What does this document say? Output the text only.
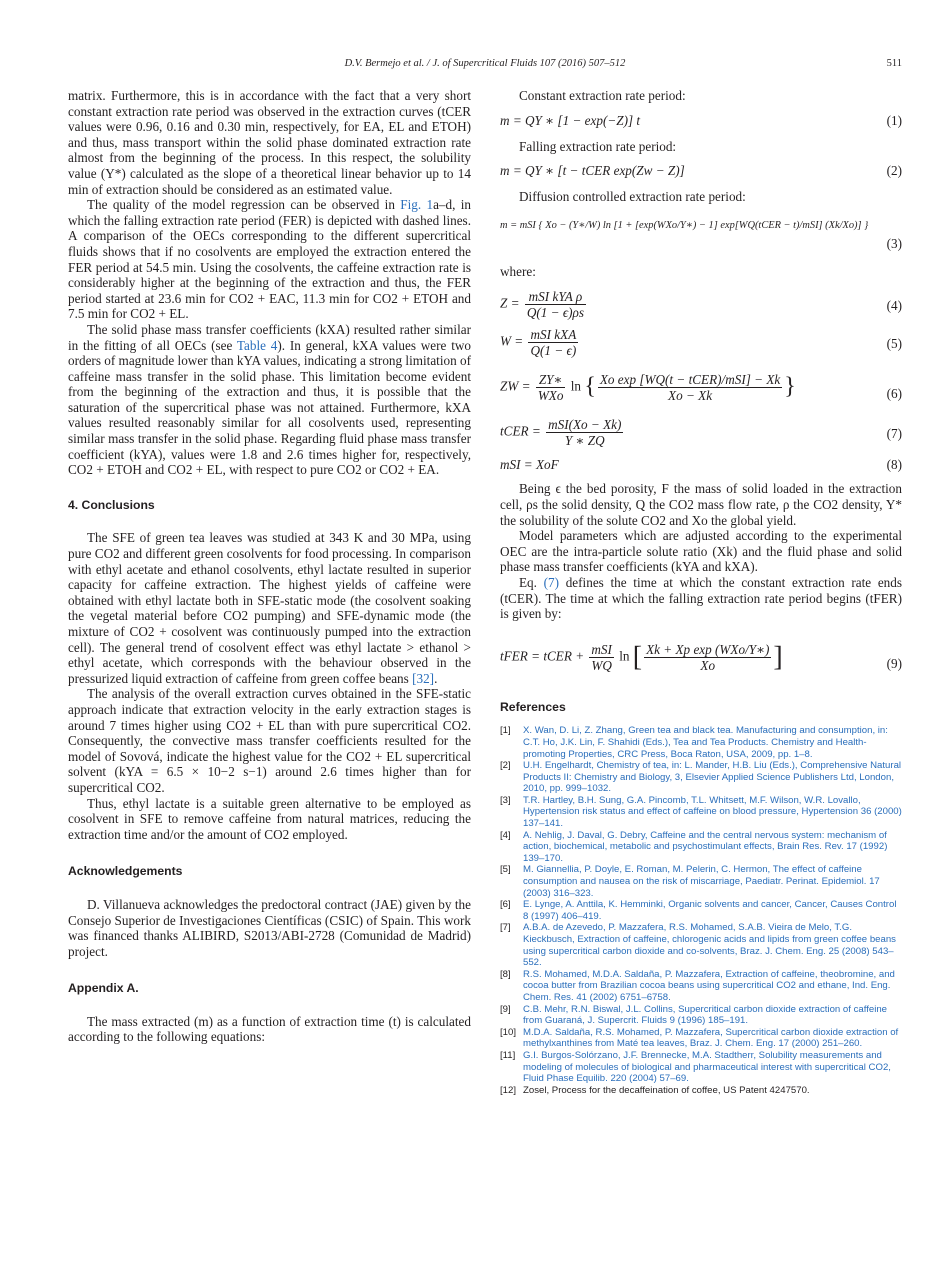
D.V. Bermejo et al. / J. of Supercritical Fluids 107 (2016) 507–512	511

matrix. Furthermore, this is in accordance with the fact that a very short constant extraction rate period was observed in the extraction curves (tCER values were 0.96, 0.16 and 0.30 min, respectively, for EA, EL and ETOH) and thus, mass transport within the solid phase dominated extraction rate almost from the beginning of the process. In this respect, the solubility value (Y*) calculated as the slope of a theoretical linear behavior up to 14 min of extraction should be considered as an estimated value.

The quality of the model regression can be observed in Fig. 1a–d, in which the falling extraction rate period (FER) is depicted with dashed lines. A comparison of the OECs corresponding to the different supercritical fluids shows that if no cosolvents are employed the extraction entered the FER period at 54.5 min. Using the cosolvents, the caffeine extraction rate is considerably higher at the beginning of the extraction and thus, the FER period started at 23.6 min for CO2 + EAC, 11.3 min for CO2 + ETOH and 7.5 min for CO2 + EL.

The solid phase mass transfer coefficients (kXA) resulted rather similar in the fitting of all OECs (see Table 4). In general, kXA values were two orders of magnitude lower than kYA values, indicating a strong limitation of caffeine mass transfer in the solid phase. This limitation become evident from the beginning of the extraction and thus, it is possible that the saturation of the supercritical phase was not attained. Furthermore, kXA values resulted reasonably similar for all cosolvents used, representing similar mass transfer in the solid phase. Regarding fluid phase mass transfer coefficient (kYA), values were 1.8 and 2.6 times higher for, respectively, CO2 + ETOH and CO2 + EL, with respect to pure CO2 or CO2 + EA.

4. Conclusions

The SFE of green tea leaves was studied at 343 K and 30 MPa, using pure CO2 and different green cosolvents for food processing. In comparison with ethyl acetate and ethanol cosolvents, ethyl lactate resulted in superior capacity for caffeine extraction. The highest yields of caffeine were obtained with ethyl lactate both in SFE-static mode (the cosolvent soaking the vegetal material before CO2 pumping) and SFE-dynamic mode (the mixture of CO2 + cosolvent was continuously pumped into the extraction cell). The general trend of cosolvent effect was ethyl lactate > ethanol > ethyl acetate, which corresponds with the behaviour observed in the pressurized liquid extraction of caffeine from green coffee beans [32].

The analysis of the overall extraction curves obtained in the SFE-static approach indicate that extraction velocity in the early extraction stages is around 7 times higher using CO2 + EL than with pure supercritical CO2. Consequently, the convective mass transfer coefficients resulted for the model of Sovová, indicate the highest value for the CO2 + EL supercritical solvent (kYA = 6.5 × 10−2 s−1) around 2.6 times higher than for supercritical CO2.

Thus, ethyl lactate is a suitable green alternative to be employed as cosolvent in SFE to remove caffeine from natural matrices, reducing the extraction time and/or the amount of CO2 employed.

Acknowledgements

D. Villanueva acknowledges the predoctoral contract (JAE) given by the Consejo Superior de Investigaciones Científicas (CSIC) of Spain. This work was financed thanks ALIBIRD, S2013/ABI-2728 (Comunidad de Madrid) project.

Appendix A.

The mass extracted (m) as a function of extraction time (t) is calculated according to the following equations:

Constant extraction rate period:
m = QY ∗ [1 − exp(−Z)] t	(1)
Falling extraction rate period:
m = QY ∗ [t − tCER exp(Zw − Z)]	(2)
Diffusion controlled extraction rate period:
m = mSI { Xo − (Y∗/W) ln [1 + [exp(WXo/Y∗) − 1] exp[WQ(tCER − t)/mSI] (Xk/Xo)] }
(3)
where:
$Z = \frac{\text{mSI kYA ρ}}{Q(1 - \epsilon)\rho s}$	(4)
$W = \frac{\text{mSI kXA}}{Q(1 - \epsilon)}$	(5)
ZW = $\frac{ZY∗}{\text{WXo}}$ ln { $\frac{\text{Xo exp [WQ(t − tCER)/mSI] − Xk}}{Xo - Xk}$ }	(6)
tCER = $\frac{\text{mSI(Xo − Xk)}}{Y ∗ ZQ}$	(7)
mSI = XoF	(8)

Being ϵ the bed porosity, F the mass of solid loaded in the extraction cell, ρs the solid density, Q the CO2 mass flow rate, ρ the CO2 density, Y* the solubility of the solute CO2 and Xo the global yield.

Model parameters which are adjusted according to the experimental OEC are the intra-particle solute ratio (Xk) and the fluid phase and solid phase mass transfer coefficients (kYA and kXA).

Eq. (7) defines the time at which the constant extraction rate ends (tCER). The time at which the falling extraction rate period begins (tFER) is given by:

tFER = tCER + $\frac{\text{mSI}}{WQ}$ ln [ $\frac{\text{Xk + Xp exp (WXo/Y∗)}}{Xo}$ ]	(9)
References
[1] X. Wan, D. Li, Z. Zhang, Green tea and black tea. Manufacturing and consumption, in: C.T. Ho, J.K. Lin, F. Shahidi (Eds.), Tea and Tea Products. Chemistry and Health-promoting Properties, CRC Press, Boca Raton, USA, 2009, pp. 1–8.
[2] U.H. Engelhardt, Chemistry of tea, in: L. Mander, H.B. Liu (Eds.), Comprehensive Natural Products II: Chemistry and Biology, 3, Elsevier Applied Science Publishers Ltd, London, 2010, pp. 999–1032.
[3] T.R. Hartley, B.H. Sung, G.A. Pincomb, T.L. Whitsett, M.F. Wilson, W.R. Lovallo, Hypertension risk status and effect of caffeine on blood pressure, Hypertension 36 (2000) 137–141.
[4] A. Nehlig, J. Daval, G. Debry, Caffeine and the central nervous system: mechanism of action, biochemical, metabolic and psychostimulant effects, Brain Res. Rev. 17 (1992) 139–170.
[5] M. Giannellia, P. Doyle, E. Roman, M. Pelerin, C. Hermon, The effect of caffeine consumption and nausea on the risk of miscarriage, Paediatr. Perinat. Epidemiol. 17 (2003) 316–323.
[6] E. Lynge, A. Anttila, K. Hemminki, Organic solvents and cancer, Cancer, Causes Control 8 (1997) 406–419.
[7] A.B.A. de Azevedo, P. Mazzafera, R.S. Mohamed, S.A.B. Vieira de Melo, T.G. Kieckbusch, Extraction of caffeine, chlorogenic acids and lipids from green coffee beans using supercritical carbon dioxide and co-solvents, Braz. J. Chem. Eng. 25 (2008) 543–552.
[8] R.S. Mohamed, M.D.A. Saldaña, P. Mazzafera, Extraction of caffeine, theobromine, and cocoa butter from Brazilian cocoa beans using supercritical CO2 and ethane, Ind. Eng. Chem. Res. 41 (2002) 6751–6758.
[9] C.B. Mehr, R.N. Biswal, J.L. Collins, Supercritical carbon dioxide extraction of caffeine from Guaraná, J. Supercrit. Fluids 9 (1996) 185–191.
[10] M.D.A. Saldaña, R.S. Mohamed, P. Mazzafera, Supercritical carbon dioxide extraction of methylxanthines from Maté tea leaves, Braz. J. Chem. Eng. 17 (2000) 251–260.
[11] G.I. Burgos-Solórzano, J.F. Brennecke, M.A. Stadtherr, Solubility measurements and modeling of molecules of biological and pharmaceutical interest with supercritical CO2, Fluid Phase Equilib. 220 (2004) 57–69.
[12] Zosel, Process for the decaffeination of coffee, US Patent 4247570.
